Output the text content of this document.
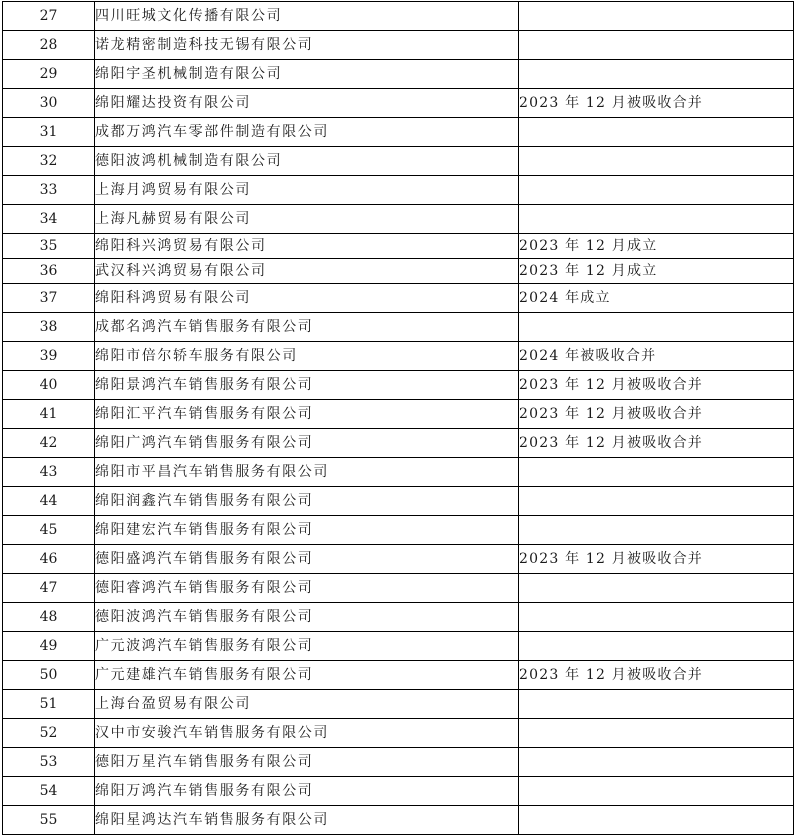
27	四川旺城文化传播有限公司	
28	诺龙精密制造科技无锡有限公司	
29	绵阳宇圣机械制造有限公司	
30	绵阳耀达投资有限公司	2023 年 12 月被吸收合并
31	成都万鸿汽车零部件制造有限公司	
32	德阳波鸿机械制造有限公司	
33	上海月鸿贸易有限公司	
34	上海凡赫贸易有限公司	
35	绵阳科兴鸿贸易有限公司	2023 年 12 月成立
36	武汉科兴鸿贸易有限公司	2023 年 12 月成立
37	绵阳科鸿贸易有限公司	2024 年成立
38	成都名鸿汽车销售服务有限公司	
39	绵阳市倍尔轿车服务有限公司	2024 年被吸收合并
40	绵阳景鸿汽车销售服务有限公司	2023 年 12 月被吸收合并
41	绵阳汇平汽车销售服务有限公司	2023 年 12 月被吸收合并
42	绵阳广鸿汽车销售服务有限公司	2023 年 12 月被吸收合并
43	绵阳市平昌汽车销售服务有限公司	
44	绵阳润鑫汽车销售服务有限公司	
45	绵阳建宏汽车销售服务有限公司	
46	德阳盛鸿汽车销售服务有限公司	2023 年 12 月被吸收合并
47	德阳睿鸿汽车销售服务有限公司	
48	德阳波鸿汽车销售服务有限公司	
49	广元波鸿汽车销售服务有限公司	
50	广元建雄汽车销售服务有限公司	2023 年 12 月被吸收合并
51	上海台盈贸易有限公司	
52	汉中市安骏汽车销售服务有限公司	
53	德阳万星汽车销售服务有限公司	
54	绵阳万鸿汽车销售服务有限公司	
55	绵阳星鸿达汽车销售服务有限公司	
